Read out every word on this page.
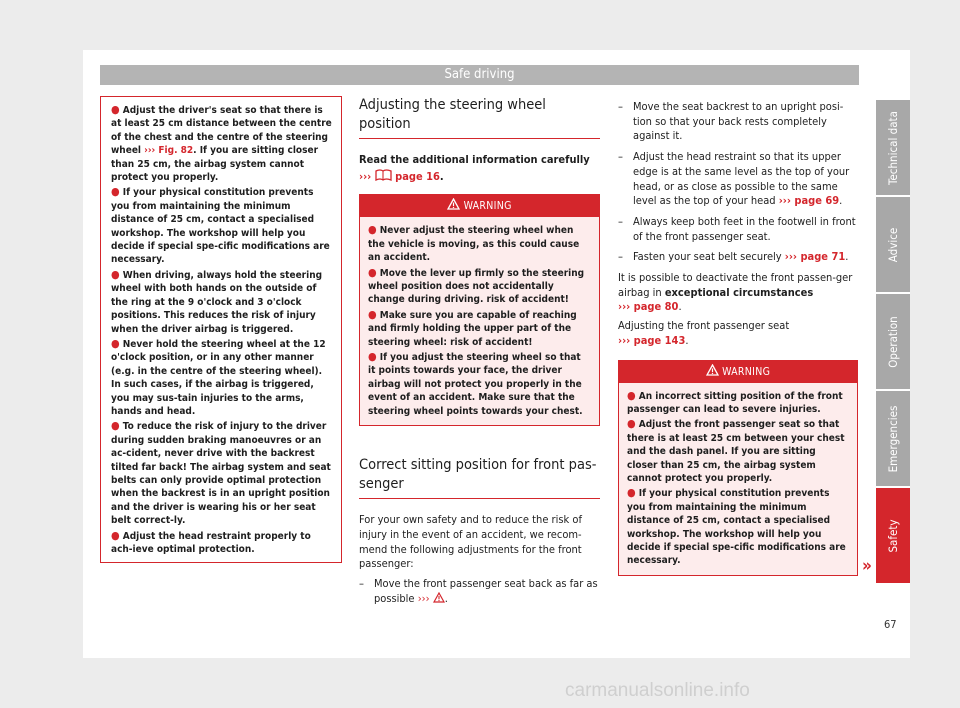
Safe driving
● Adjust the driver's seat so that there is at least 25 cm distance between the centre of the chest and the centre of the steering wheel ››› Fig. 82. If you are sitting closer than 25 cm, the airbag system cannot protect you properly.
● If your physical constitution prevents you from maintaining the minimum distance of 25 cm, contact a specialised workshop. The workshop will help you decide if special spe-cific modifications are necessary.
● When driving, always hold the steering wheel with both hands on the outside of the ring at the 9 o'clock and 3 o'clock positions. This reduces the risk of injury when the driver airbag is triggered.
● Never hold the steering wheel at the 12 o'clock position, or in any other manner (e.g. in the centre of the steering wheel). In such cases, if the airbag is triggered, you may sus-tain injuries to the arms, hands and head.
● To reduce the risk of injury to the driver during sudden braking manoeuvres or an ac-cident, never drive with the backrest tilted far back! The airbag system and seat belts can only provide optimal protection when the backrest is in an upright position and the driver is wearing his or her seat belt correct-ly.
● Adjust the head restraint properly to ach-ieve optimal protection.
Adjusting the steering wheel position
Read the additional information carefully
››› page 16.
WARNING
● Never adjust the steering wheel when the vehicle is moving, as this could cause an accident.
● Move the lever up firmly so the steering wheel position does not accidentally change during driving. risk of accident!
● Make sure you are capable of reaching and firmly holding the upper part of the steering wheel: risk of accident!
● If you adjust the steering wheel so that it points towards your face, the driver airbag will not protect you properly in the event of an accident. Make sure that the steering wheel points towards your chest.
Correct sitting position for front pas-senger
For your own safety and to reduce the risk of injury in the event of an accident, we recom-mend the following adjustments for the front passenger:
– Move the front passenger seat back as far as possible ››› .
– Move the seat backrest to an upright posi-tion so that your back rests completely against it.
– Adjust the head restraint so that its upper edge is at the same level as the top of your head, or as close as possible to the same level as the top of your head ››› page 69.
– Always keep both feet in the footwell in front of the front passenger seat.
– Fasten your seat belt securely ››› page 71.
It is possible to deactivate the front passen-ger airbag in exceptional circumstances
››› page 80.
Adjusting the front passenger seat
››› page 143.
WARNING
● An incorrect sitting position of the front passenger can lead to severe injuries.
● Adjust the front passenger seat so that there is at least 25 cm between your chest and the dash panel. If you are sitting closer than 25 cm, the airbag system cannot protect you properly.
● If your physical constitution prevents you from maintaining the minimum distance of 25 cm, contact a specialised workshop. The workshop will help you decide if special spe-cific modifications are necessary.	»
Technical data
Advice
Operation
Emergencies
Safety
67
carmanualsonline.info
